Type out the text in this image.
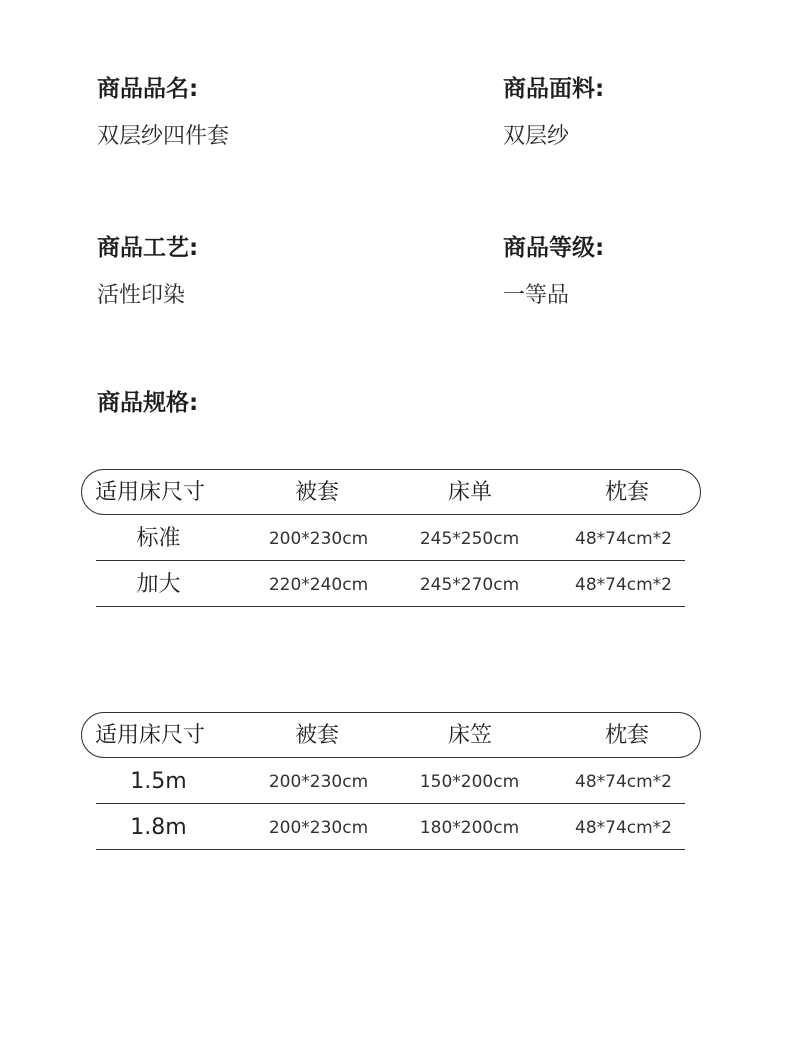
商品品名:
双层纱四件套
商品面料:
双层纱
商品工艺:
活性印染
商品等级:
一等品
商品规格:
适用床尺寸	被套	床单	枕套
标准	200*230cm	245*250cm	48*74cm*2
加大	220*240cm	245*270cm	48*74cm*2
适用床尺寸	被套	床笠	枕套
1.5m	200*230cm	150*200cm	48*74cm*2
1.8m	200*230cm	180*200cm	48*74cm*2
